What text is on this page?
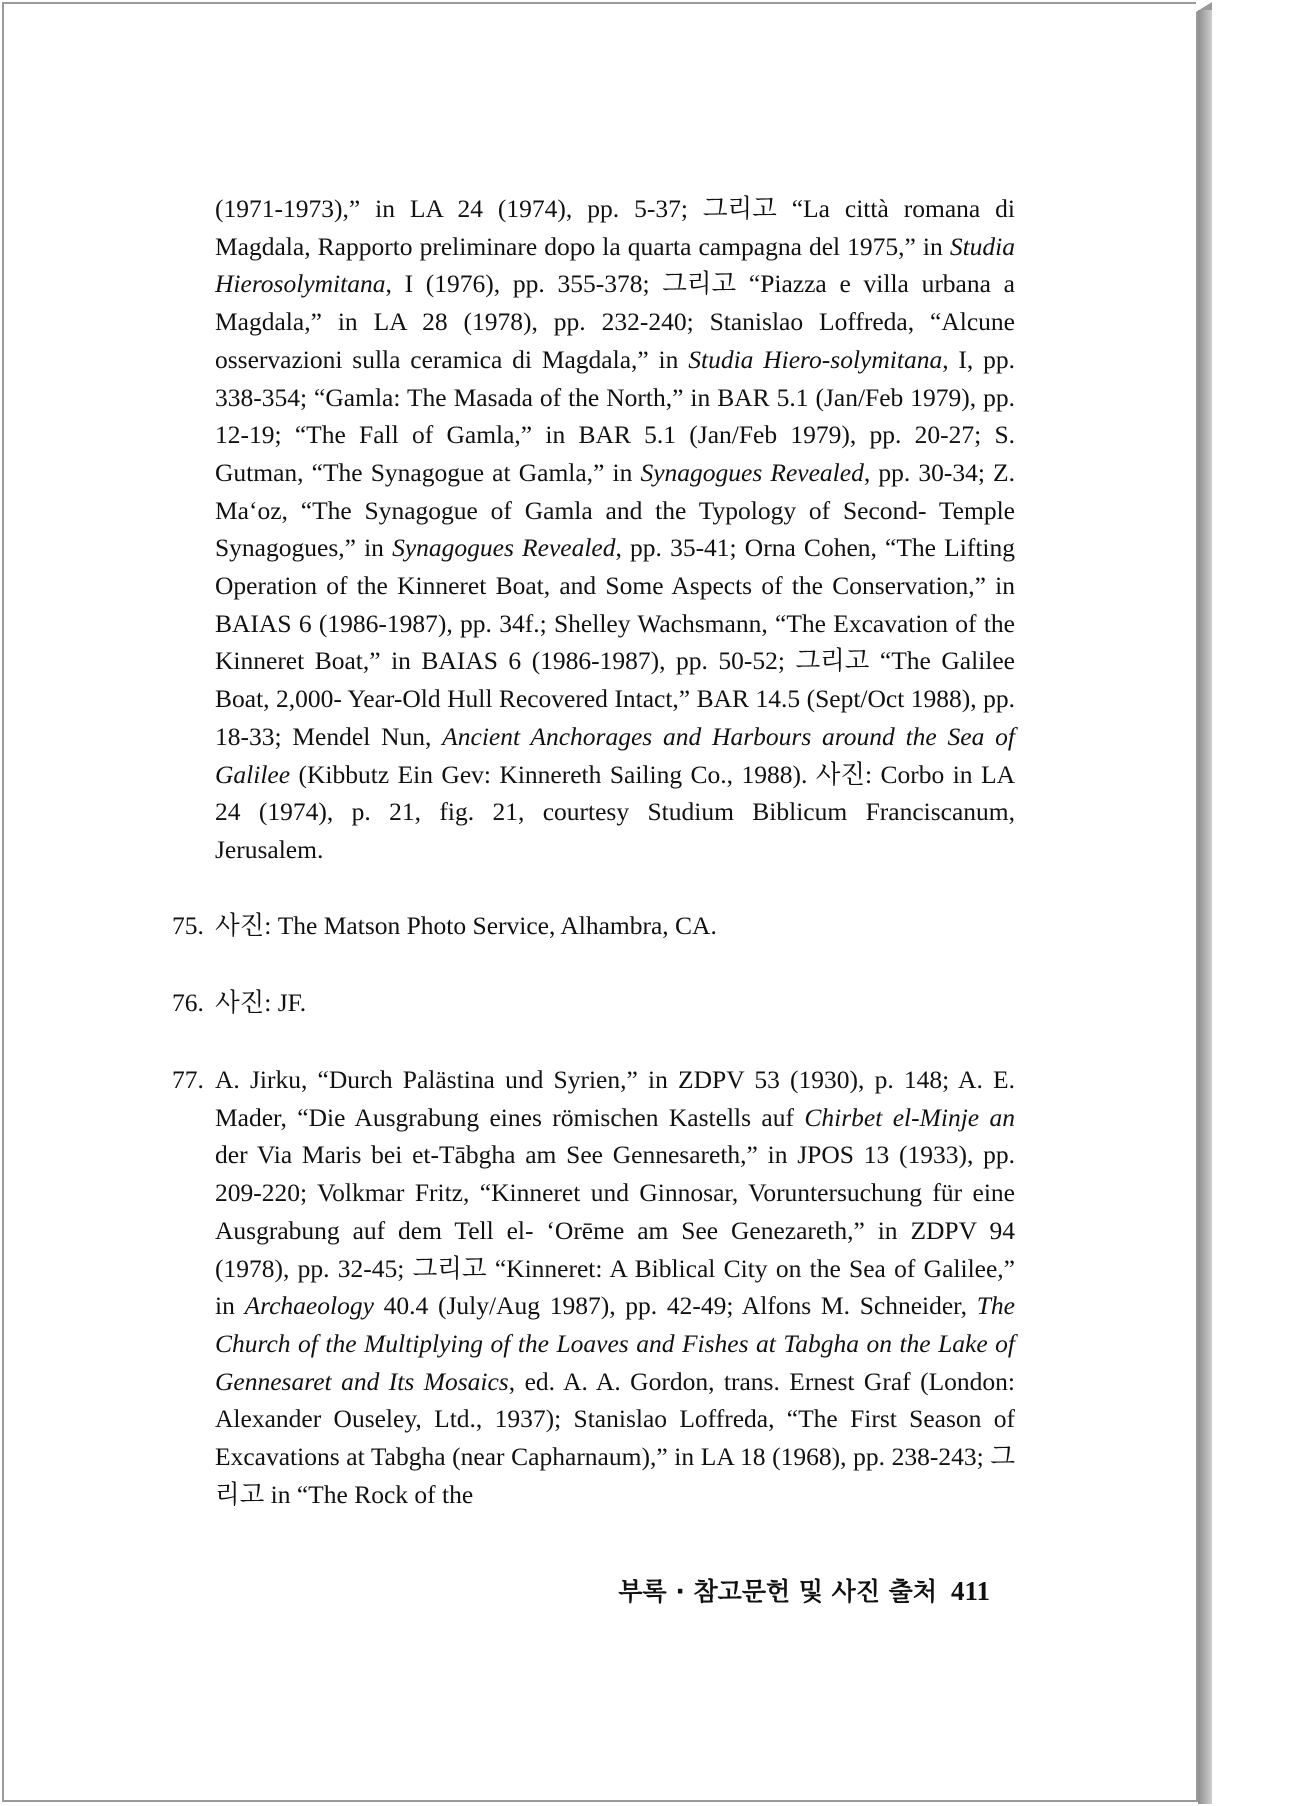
(1971-1973),” in LA 24 (1974), pp. 5-37; 그리고 “La città romana di Magdala, Rapporto preliminare dopo la quarta campagna del 1975,” in Studia Hierosolymitana, I (1976), pp. 355-378; 그리고 “Piazza e villa urbana a Magdala,” in LA 28 (1978), pp. 232-240; Stanislao Loffreda, “Alcune osservazioni sulla ceramica di Magdala,” in Studia Hiero-solymitana, I, pp. 338-354; “Gamla: The Masada of the North,” in BAR 5.1 (Jan/Feb 1979), pp. 12-19; “The Fall of Gamla,” in BAR 5.1 (Jan/Feb 1979), pp. 20-27; S. Gutman, “The Synagogue at Gamla,” in Synagogues Revealed, pp. 30-34; Z. Maʻoz, “The Synagogue of Gamla and the Typology of Second- Temple Synagogues,” in Synagogues Revealed, pp. 35-41; Orna Cohen, “The Lifting Operation of the Kinneret Boat, and Some Aspects of the Conservation,” in BAIAS 6 (1986-1987), pp. 34f.; Shelley Wachsmann, “The Excavation of the Kinneret Boat,” in BAIAS 6 (1986-1987), pp. 50-52; 그리고 “The Galilee Boat, 2,000- Year-Old Hull Recovered Intact,” BAR 14.5 (Sept/Oct 1988), pp. 18-33; Mendel Nun, Ancient Anchorages and Harbours around the Sea of Galilee (Kibbutz Ein Gev: Kinnereth Sailing Co., 1988). 사진: Corbo in LA 24 (1974), p. 21, fig. 21, courtesy Studium Biblicum Franciscanum, Jerusalem.
75. 사진: The Matson Photo Service, Alhambra, CA.
76. 사진: JF.
77. A. Jirku, “Durch Palästina und Syrien,” in ZDPV 53 (1930), p. 148; A. E. Mader, “Die Ausgrabung eines römischen Kastells auf Chirbet el-Minje an der Via Maris bei et-Tābgha am See Gennesareth,” in JPOS 13 (1933), pp. 209-220; Volkmar Fritz, “Kinneret und Ginnosar, Voruntersuchung für eine Ausgrabung auf dem Tell el- ‘Orēme am See Genezareth,” in ZDPV 94 (1978), pp. 32-45; 그리고 “Kinneret: A Biblical City on the Sea of Galilee,” in Archaeology 40.4 (July/Aug 1987), pp. 42-49; Alfons M. Schneider, The Church of the Multiplying of the Loaves and Fishes at Tabgha on the Lake of Gennesaret and Its Mosaics, ed. A. A. Gordon, trans. Ernest Graf (London: Alexander Ouseley, Ltd., 1937); Stanislao Loffreda, “The First Season of Excavations at Tabgha (near Capharnaum),” in LA 18 (1968), pp. 238-243; 그리고 in “The Rock of the
부록 · 참고문헌 및 사진 출처 411
